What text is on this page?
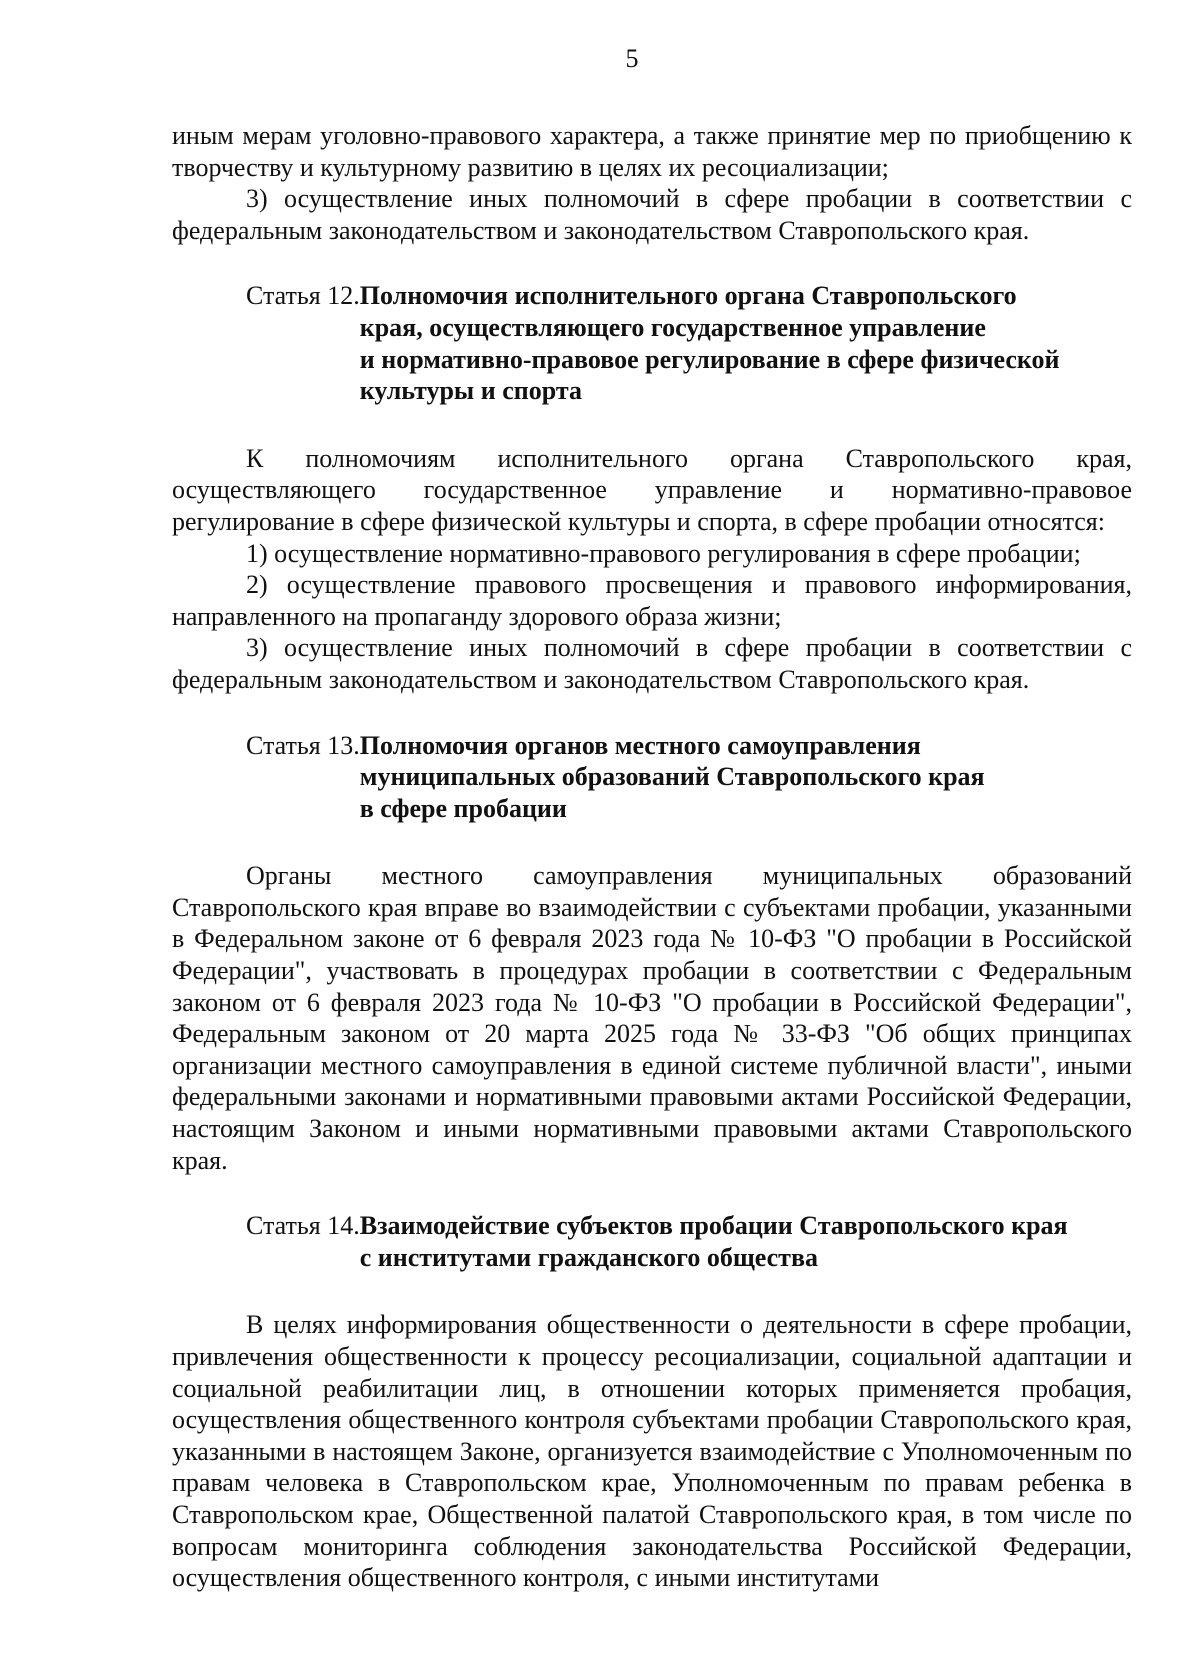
5

иным мерам уголовно-правового характера, а также принятие мер по приобщению к творчеству и культурному развитию в целях их ресоциализации;

3) осуществление иных полномочий в сфере пробации в соответствии с федеральным законодательством и законодательством Ставропольского края.

Статья 12. Полномочия исполнительного органа Ставропольского
края, осуществляющего государственное управление
и нормативно-правовое регулирование в сфере физической
культуры и спорта

К полномочиям исполнительного органа Ставропольского края, осуществляющего государственное управление и нормативно-правовое регулирование в сфере физической культуры и спорта, в сфере пробации относятся:

1) осуществление нормативно-правового регулирования в сфере пробации;

2) осуществление правового просвещения и правового информирования, направленного на пропаганду здорового образа жизни;

3) осуществление иных полномочий в сфере пробации в соответствии с федеральным законодательством и законодательством Ставропольского края.

Статья 13. Полномочия органов местного самоуправления
муниципальных образований Ставропольского края
в сфере пробации

Органы местного самоуправления муниципальных образований Ставропольского края вправе во взаимодействии с субъектами пробации, указанными в Федеральном законе от 6 февраля 2023 года № 10-ФЗ "О пробации в Российской Федерации", участвовать в процедурах пробации в соответствии с Федеральным законом от 6 февраля 2023 года № 10-ФЗ "О пробации в Российской Федерации", Федеральным законом от 20 марта 2025 года № 33-ФЗ "Об общих принципах организации местного самоуправления в единой системе публичной власти", иными федеральными законами и нормативными правовыми актами Российской Федерации, настоящим Законом и иными нормативными правовыми актами Ставропольского края.

Статья 14. Взаимодействие субъектов пробации Ставропольского края
с институтами гражданского общества

В целях информирования общественности о деятельности в сфере пробации, привлечения общественности к процессу ресоциализации, социальной адаптации и социальной реабилитации лиц, в отношении которых применяется пробация, осуществления общественного контроля субъектами пробации Ставропольского края, указанными в настоящем Законе, организуется взаимодействие с Уполномоченным по правам человека в Ставропольском крае, Уполномоченным по правам ребенка в Ставропольском крае, Общественной палатой Ставропольского края, в том числе по вопросам мониторинга соблюдения законодательства Российской Федерации, осуществления общественного контроля, с иными институтами
